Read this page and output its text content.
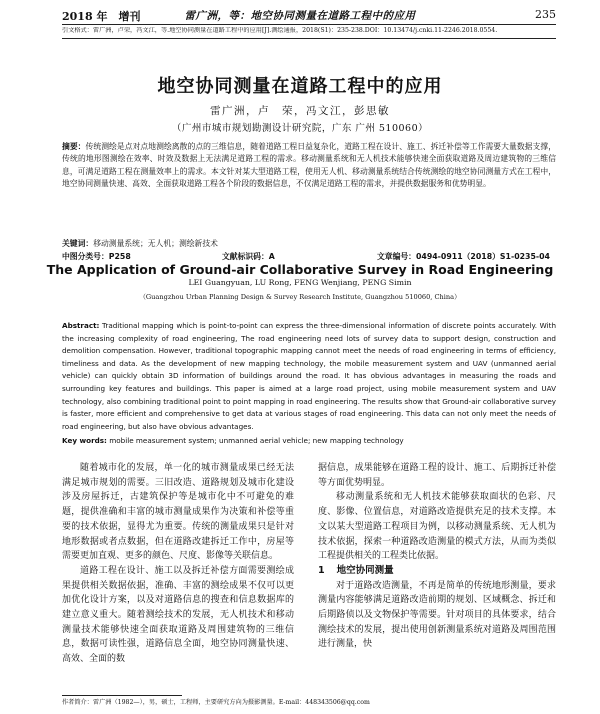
2018 年　增刊	雷广洲，等：地空协同测量在道路工程中的应用	235
引文格式：雷广洲，卢荣，冯文江，等.地空协同测量在道路工程中的应用[J].测绘通报，2018(S1)：235-238.DOI：10.13474/j.cnki.11-2246.2018.0554.
地空协同测量在道路工程中的应用
雷广洲，卢　荣，冯文江，彭思敏
（广州市城市规划勘测设计研究院，广东 广州 510060）
摘要：传统测绘是点对点地测绘离散的点的三维信息，随着道路工程日益复杂化，道路工程在设计、施工、拆迁补偿等工作需要大量数据支撑，传统的地形图测绘在效率、时效及数据上无法满足道路工程的需求。移动测量系统和无人机技术能够快速全面获取道路及周边建筑物的三维信息，可满足道路工程在测量效率上的需求。本文针对某大型道路工程，使用无人机、移动测量系统结合传统测绘的地空协同测量方式在工程中，地空协同测量快速、高效、全面获取道路工程各个阶段的数据信息，不仅满足道路工程的需求，并提供数据服务和优势明显。
关键词：移动测量系统；无人机；测绘新技术
中图分类号：P258	文献标识码：A	文章编号：0494-0911（2018）S1-0235-04
The Application of Ground-air Collaborative Survey in Road Engineering
LEI Guangyuan, LU Rong, FENG Wenjiang, PENG Simin
（Guangzhou Urban Planning Design & Survey Research Institute, Guangzhou 510060, China）
Abstract: Traditional mapping which is point-to-point can express the three-dimensional information of discrete points accurately. With the increasing complexity of road engineering, The road engineering need lots of survey data to support design, construction and demolition compensation. However, traditional topographic mapping cannot meet the needs of road engineering in terms of efficiency, timeliness and data. As the development of new mapping technology, the mobile measurement system and UAV (unmanned aerial vehicle) can quickly obtain 3D information of buildings around the road. It has obvious advantages in measuring the roads and surrounding key features and buildings. This paper is aimed at a large road project, using mobile measurement system and UAV technology, also combining traditional point to point mapping in road engineering. The results show that Ground-air collaborative survey is faster, more efficient and comprehensive to get data at various stages of road engineering. This data can not only meet the needs of road engineering, but also have obvious advantages.
Key words: mobile measurement system; unmanned aerial vehicle; new mapping technology

随着城市化的发展，单一化的城市测量成果已经无法满足城市规划的需要。三旧改造、道路规划及城市化建设涉及房屋拆迁，古建筑保护等是城市化中不可避免的难题，提供准确和丰富的城市测量成果作为决策和补偿等重要的技术依据，显得尤为重要。传统的测量成果只是针对地形数据或者点数据，但在道路改建拆迁工作中，房屋等需要更加直观、更多的颜色、尺度、影像等关联信息。

道路工程在设计、施工以及拆迁补偿方面需要测绘成果提供相关数据依据，准确、丰富的测绘成果不仅可以更加优化设计方案，以及对道路信息的搜查和信息数据库的建立意义重大。随着测绘技术的发展，无人机技术和移动测量技术能够快速全面获取道路及周围建筑物的三维信息，数据可读性强，道路信息全面，地空协同测量快速、高效、全面的数

据信息，成果能够在道路工程的设计、施工、后期拆迁补偿等方面优势明显。

移动测量系统和无人机技术能够获取面状的色彩、尺度、影像、位置信息，对道路改造提供充足的技术支撑。本文以某大型道路工程项目为例，以移动测量系统、无人机为技术依据，探索一种道路改造测量的模式方法，从而为类似工程提供相关的工程类比依据。

1 地空协同测量

对于道路改造测量，不再是简单的传统地形测量，要求测量内容能够满足道路改造前期的规划、区域概念、拆迁和后期路侦以及文物保护等需要。针对项目的具体要求，结合测绘技术的发展，提出使用创新测量系统对道路及周围范围进行测量，快

作者简介：雷广洲（1982—），男，硕士，工程师，主要研究方向为摄影测量。E-mail：448343506@qq.com
